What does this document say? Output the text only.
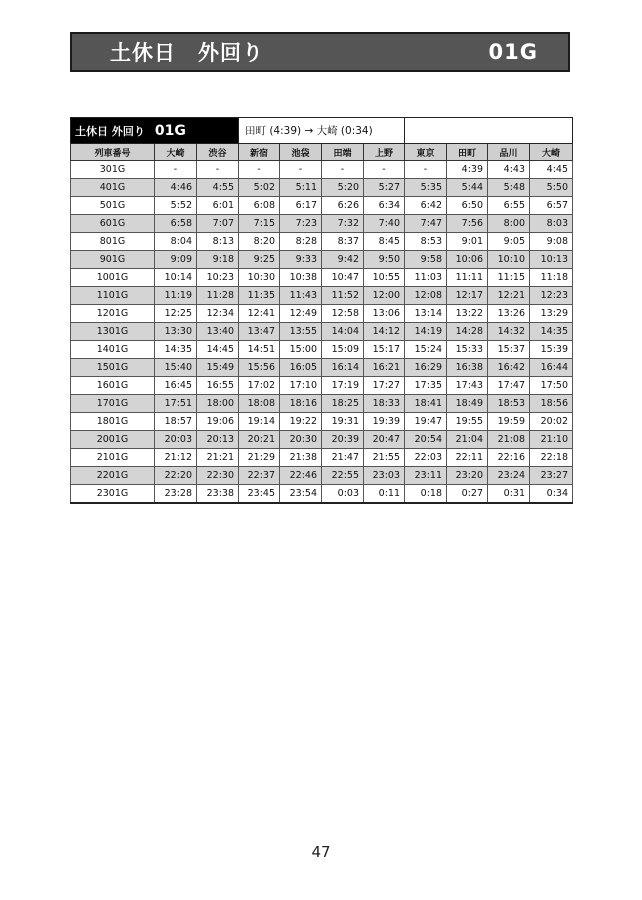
土休日　外回り	01G
土休日 外回り 01G			田町 (4:39) → 大崎 (0:34)							
列車番号	大崎	渋谷	新宿	池袋	田端	上野	東京	田町	品川	大崎
301G	-	-	-	-	-	-	-	4:39	4:43	4:45
401G	4:46	4:55	5:02	5:11	5:20	5:27	5:35	5:44	5:48	5:50
501G	5:52	6:01	6:08	6:17	6:26	6:34	6:42	6:50	6:55	6:57
601G	6:58	7:07	7:15	7:23	7:32	7:40	7:47	7:56	8:00	8:03
801G	8:04	8:13	8:20	8:28	8:37	8:45	8:53	9:01	9:05	9:08
901G	9:09	9:18	9:25	9:33	9:42	9:50	9:58	10:06	10:10	10:13
1001G	10:14	10:23	10:30	10:38	10:47	10:55	11:03	11:11	11:15	11:18
1101G	11:19	11:28	11:35	11:43	11:52	12:00	12:08	12:17	12:21	12:23
1201G	12:25	12:34	12:41	12:49	12:58	13:06	13:14	13:22	13:26	13:29
1301G	13:30	13:40	13:47	13:55	14:04	14:12	14:19	14:28	14:32	14:35
1401G	14:35	14:45	14:51	15:00	15:09	15:17	15:24	15:33	15:37	15:39
1501G	15:40	15:49	15:56	16:05	16:14	16:21	16:29	16:38	16:42	16:44
1601G	16:45	16:55	17:02	17:10	17:19	17:27	17:35	17:43	17:47	17:50
1701G	17:51	18:00	18:08	18:16	18:25	18:33	18:41	18:49	18:53	18:56
1801G	18:57	19:06	19:14	19:22	19:31	19:39	19:47	19:55	19:59	20:02
2001G	20:03	20:13	20:21	20:30	20:39	20:47	20:54	21:04	21:08	21:10
2101G	21:12	21:21	21:29	21:38	21:47	21:55	22:03	22:11	22:16	22:18
2201G	22:20	22:30	22:37	22:46	22:55	23:03	23:11	23:20	23:24	23:27
2301G	23:28	23:38	23:45	23:54	0:03	0:11	0:18	0:27	0:31	0:34
47
